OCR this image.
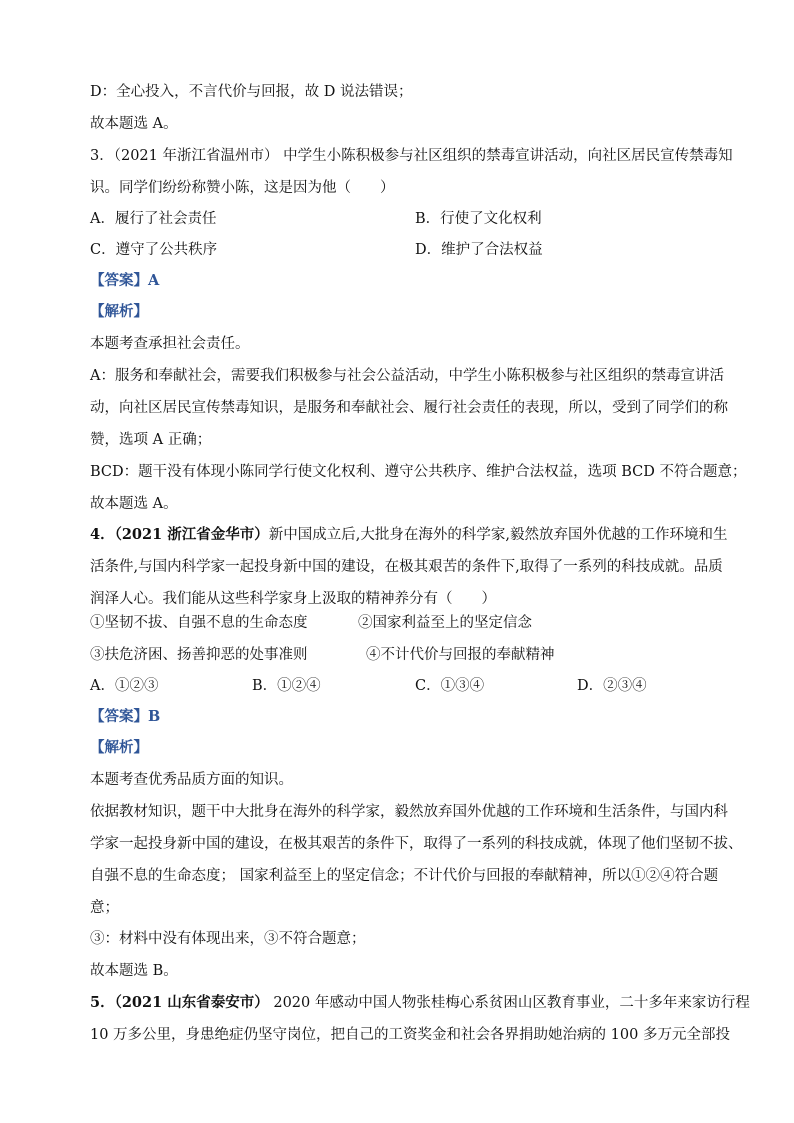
D：全心投入，不言代价与回报，故 D 说法错误；
故本题选 A。
3．（2021 年浙江省温州市） 中学生小陈积极参与社区组织的禁毒宣讲活动，向社区居民宣传禁毒知
识。同学们纷纷称赞小陈，这是因为他（　　）
A．履行了社会责任	B．行使了文化权利
C．遵守了公共秩序	D．维护了合法权益
【答案】A
【解析】
本题考查承担社会责任。
A：服务和奉献社会，需要我们积极参与社会公益活动，中学生小陈积极参与社区组织的禁毒宣讲活
动，向社区居民宣传禁毒知识，是服务和奉献社会、履行社会责任的表现，所以，受到了同学们的称
赞，选项 A 正确；
BCD：题干没有体现小陈同学行使文化权利、遵守公共秩序、维护合法权益，选项 BCD 不符合题意；
故本题选 A。
4．（2021 浙江省金华市）新中国成立后,大批身在海外的科学家,毅然放弃国外优越的工作环境和生
活条件,与国内科学家一起投身新中国的建设，在极其艰苦的条件下,取得了一系列的科技成就。品质
润泽人心。我们能从这些科学家身上汲取的精神养分有（　　）
①坚韧不拔、自强不息的生命态度	②国家利益至上的坚定信念
③扶危济困、扬善抑恶的处事准则	④不计代价与回报的奉献精神
A．①②③	B．①②④	C．①③④	D．②③④
【答案】B
【解析】
本题考查优秀品质方面的知识。
依据教材知识，题干中大批身在海外的科学家，毅然放弃国外优越的工作环境和生活条件，与国内科
学家一起投身新中国的建设，在极其艰苦的条件下，取得了一系列的科技成就，体现了他们坚韧不拔、
自强不息的生命态度； 国家利益至上的坚定信念；不计代价与回报的奉献精神，所以①②④符合题
意；
③：材料中没有体现出来，③不符合题意；
故本题选 B。
5．（2021 山东省泰安市） 2020 年感动中国人物张桂梅心系贫困山区教育事业，二十多年来家访行程
10 万多公里，身患绝症仍坚守岗位，把自己的工资奖金和社会各界捐助她治病的 100 多万元全部投
